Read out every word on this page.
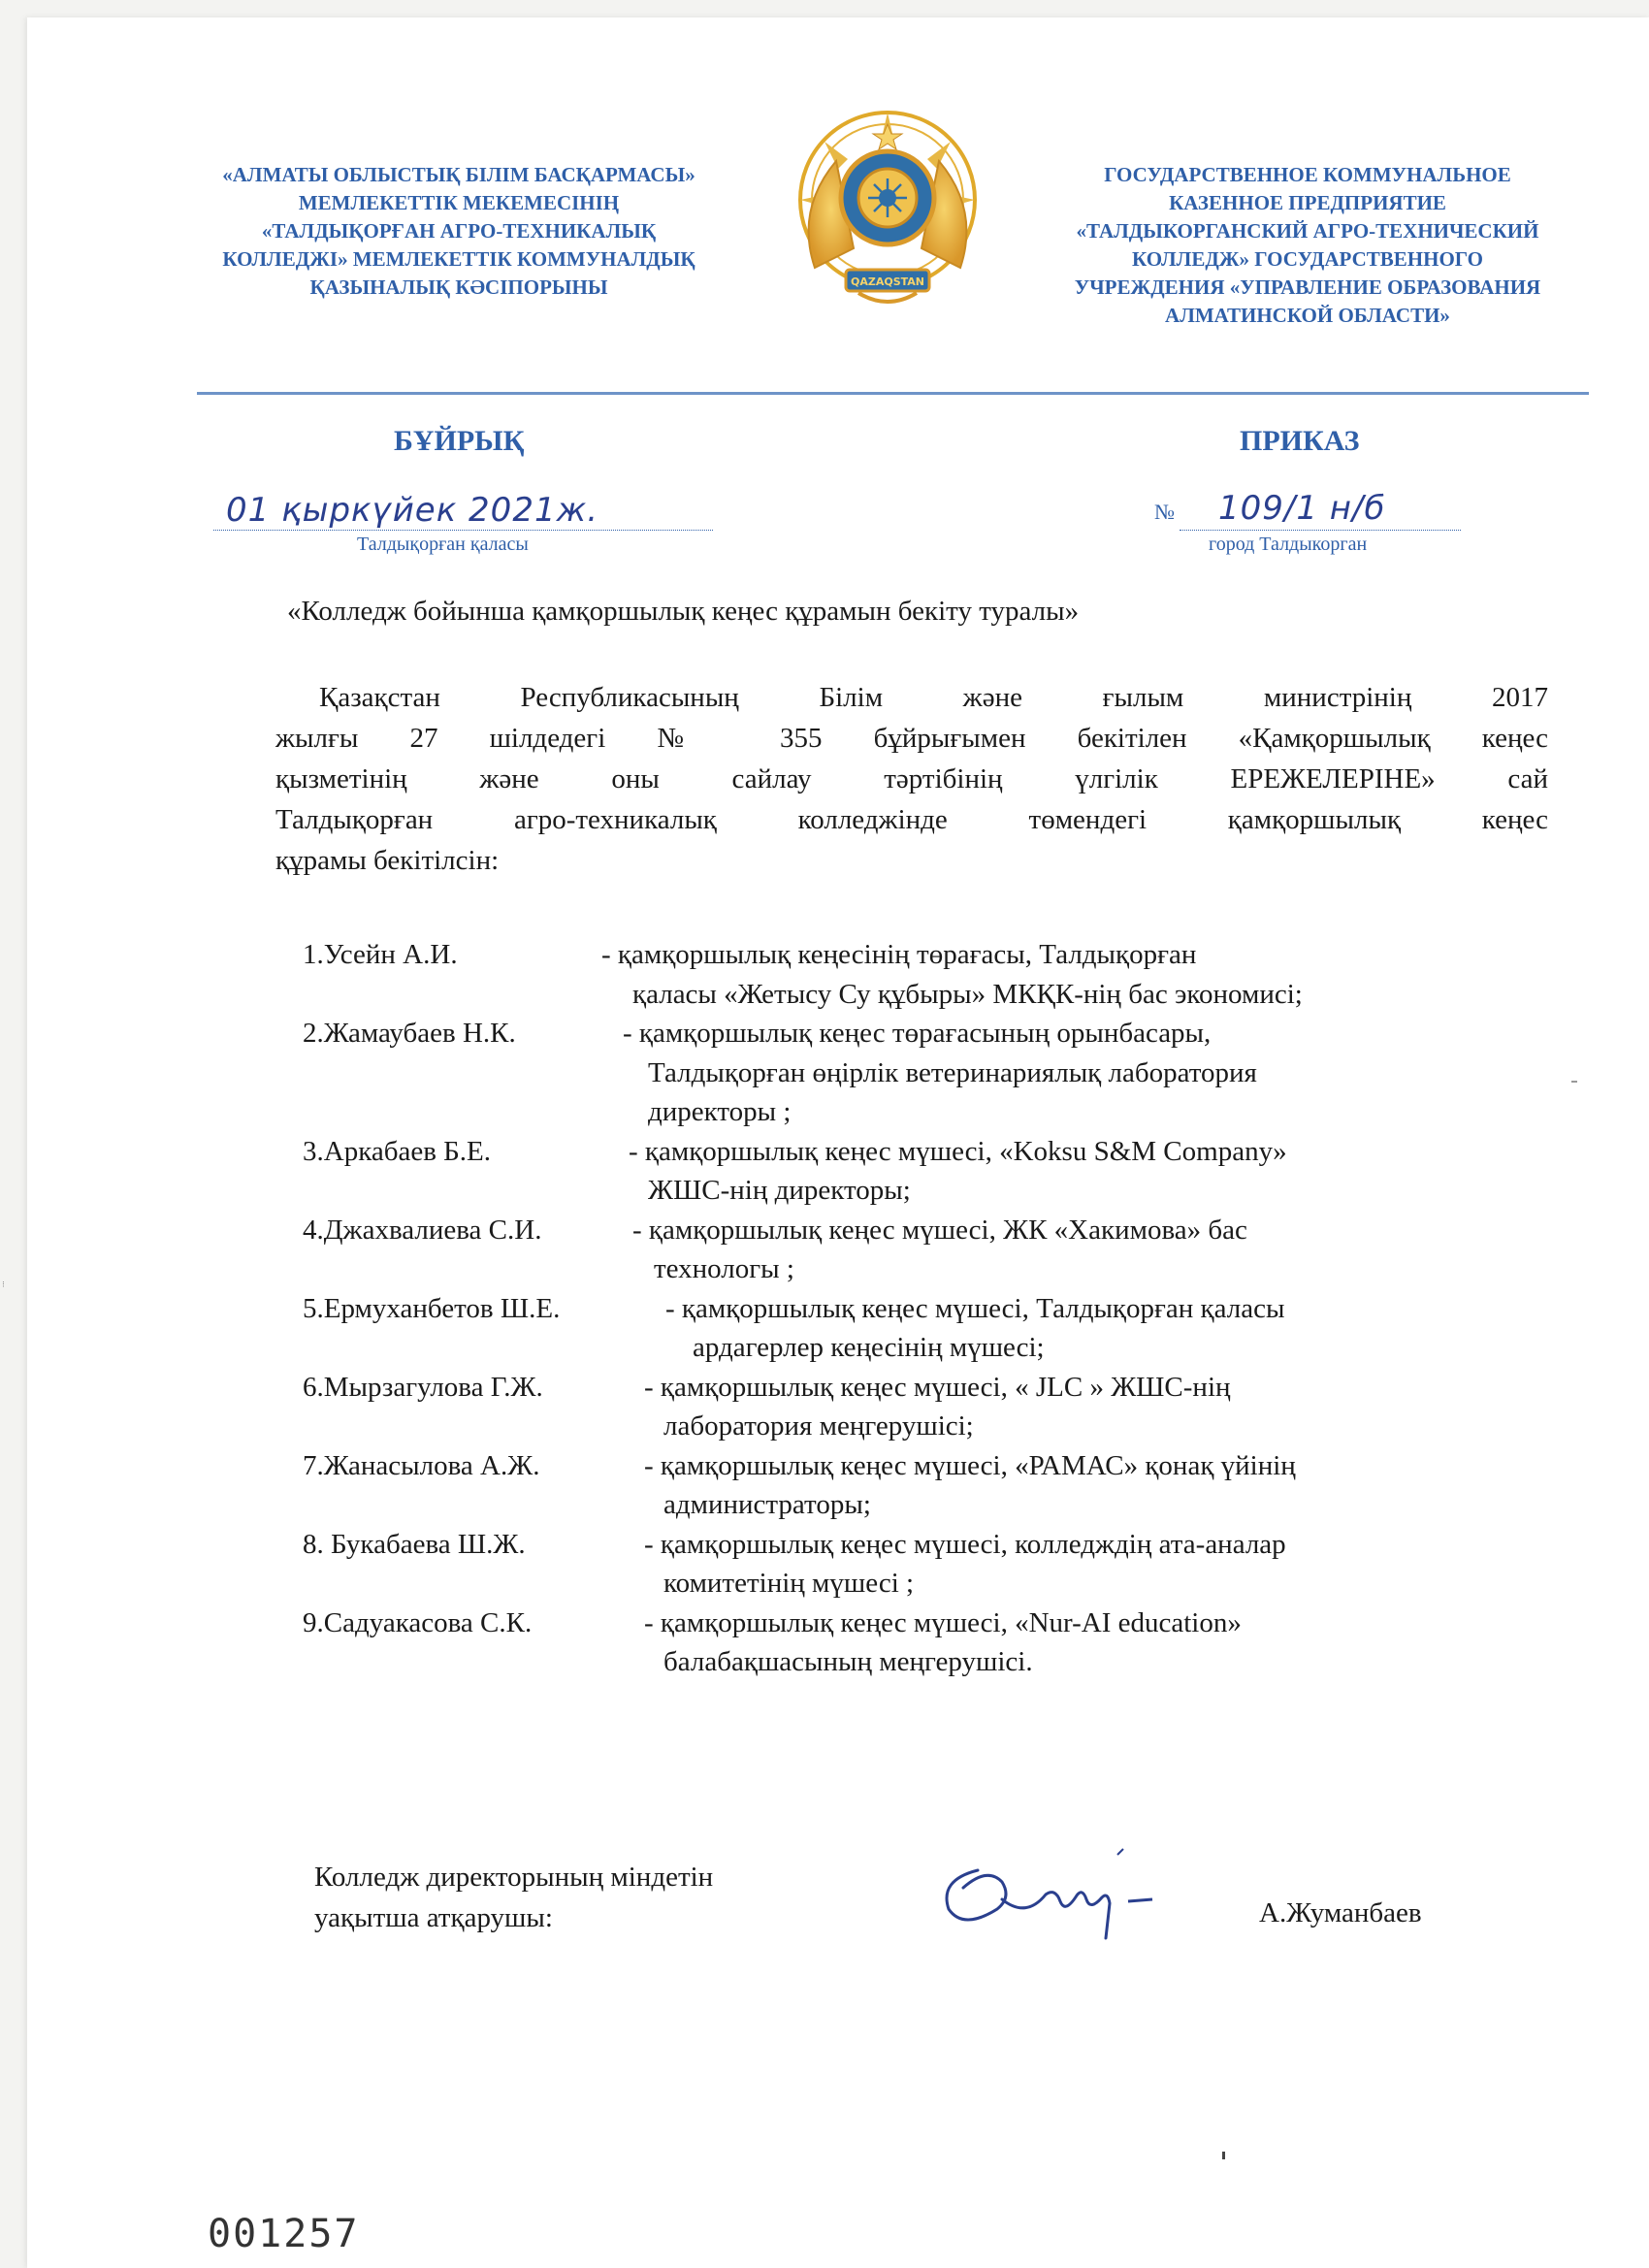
«АЛМАТЫ ОБЛЫСТЫҚ БІЛІМ БАСҚАРМАСЫ»
МЕМЛЕКЕТТІК МЕКЕМЕСІНІҢ
«ТАЛДЫҚОРҒАН АГРО-ТЕХНИКАЛЫҚ
КОЛЛЕДЖІ» МЕМЛЕКЕТТІК КОММУНАЛДЫҚ
ҚАЗЫНАЛЫҚ КӘСІПОРЫНЫ	QAZAQSTAN
ГОСУДАРСТВЕННОЕ КОММУНАЛЬНОЕ
КАЗЕННОЕ ПРЕДПРИЯТИЕ
«ТАЛДЫКОРГАНСКИЙ АГРО-ТЕХНИЧЕСКИЙ
КОЛЛЕДЖ» ГОСУДАРСТВЕННОГО
УЧРЕЖДЕНИЯ «УПРАВЛЕНИЕ ОБРАЗОВАНИЯ
АЛМАТИНСКОЙ ОБЛАСТИ»
БҰЙРЫҚ	ПРИКАЗ
01 қыркүйек 2021ж.
Талдықорған қаласы
№ 109/1 н/б
город Талдыкорган
«Колледж бойынша қамқоршылық кеңес құрамын бекіту туралы»
Қазақстан Республикасының Білім және ғылым министрінің 2017
жылғы 27 шілдедегі № 355 бұйрығымен бекітілен «Қамқоршылық кеңес
қызметінің және оны сайлау тәртібінің үлгілік ЕРЕЖЕЛЕРІНЕ» сай
Талдықорған агро-техникалық колледжінде төмендегі қамқоршылық кеңес
құрамы бекітілсін:
1.Усейн А.И.	- қамқоршылық кеңесінің төрағасы, Талдықорған
қаласы «Жетысу Су құбыры» МКҚК-нің бас экономисі;
2.Жамаубаев Н.К.	- қамқоршылық кеңес төрағасының орынбасары,
Талдықорған өңірлік ветеринариялық лаборатория
директоры ;
3.Аркабаев Б.Е.	- қамқоршылық кеңес мүшесі, «Koksu S&M Company»
ЖШС-нің директоры;
4.Джахвалиева С.И.	- қамқоршылық кеңес мүшесі, ЖК «Хакимова» бас
технологы ;
5.Ермуханбетов Ш.Е.	- қамқоршылық кеңес мүшесі, Талдықорған қаласы
ардагерлер кеңесінің мүшесі;
6.Мырзагулова Г.Ж.	- қамқоршылық кеңес мүшесі, « JLC » ЖШС-нің
лаборатория меңгерушісі;
7.Жанасылова А.Ж.	- қамқоршылық кеңес мүшесі, «РАМАС» қонақ үйінің
администраторы;
8. Букабаева Ш.Ж.	- қамқоршылық кеңес мүшесі, колледждің ата-аналар
комитетінің мүшесі ;
9.Садуакасова С.К.	- қамқоршылық кеңес мүшесі, «Nur-AI education»
балабақшасының меңгерушісі.
Колледж директорының міндетін
уақытша атқарушы:	А.Жуманбаев
001257
⁝
